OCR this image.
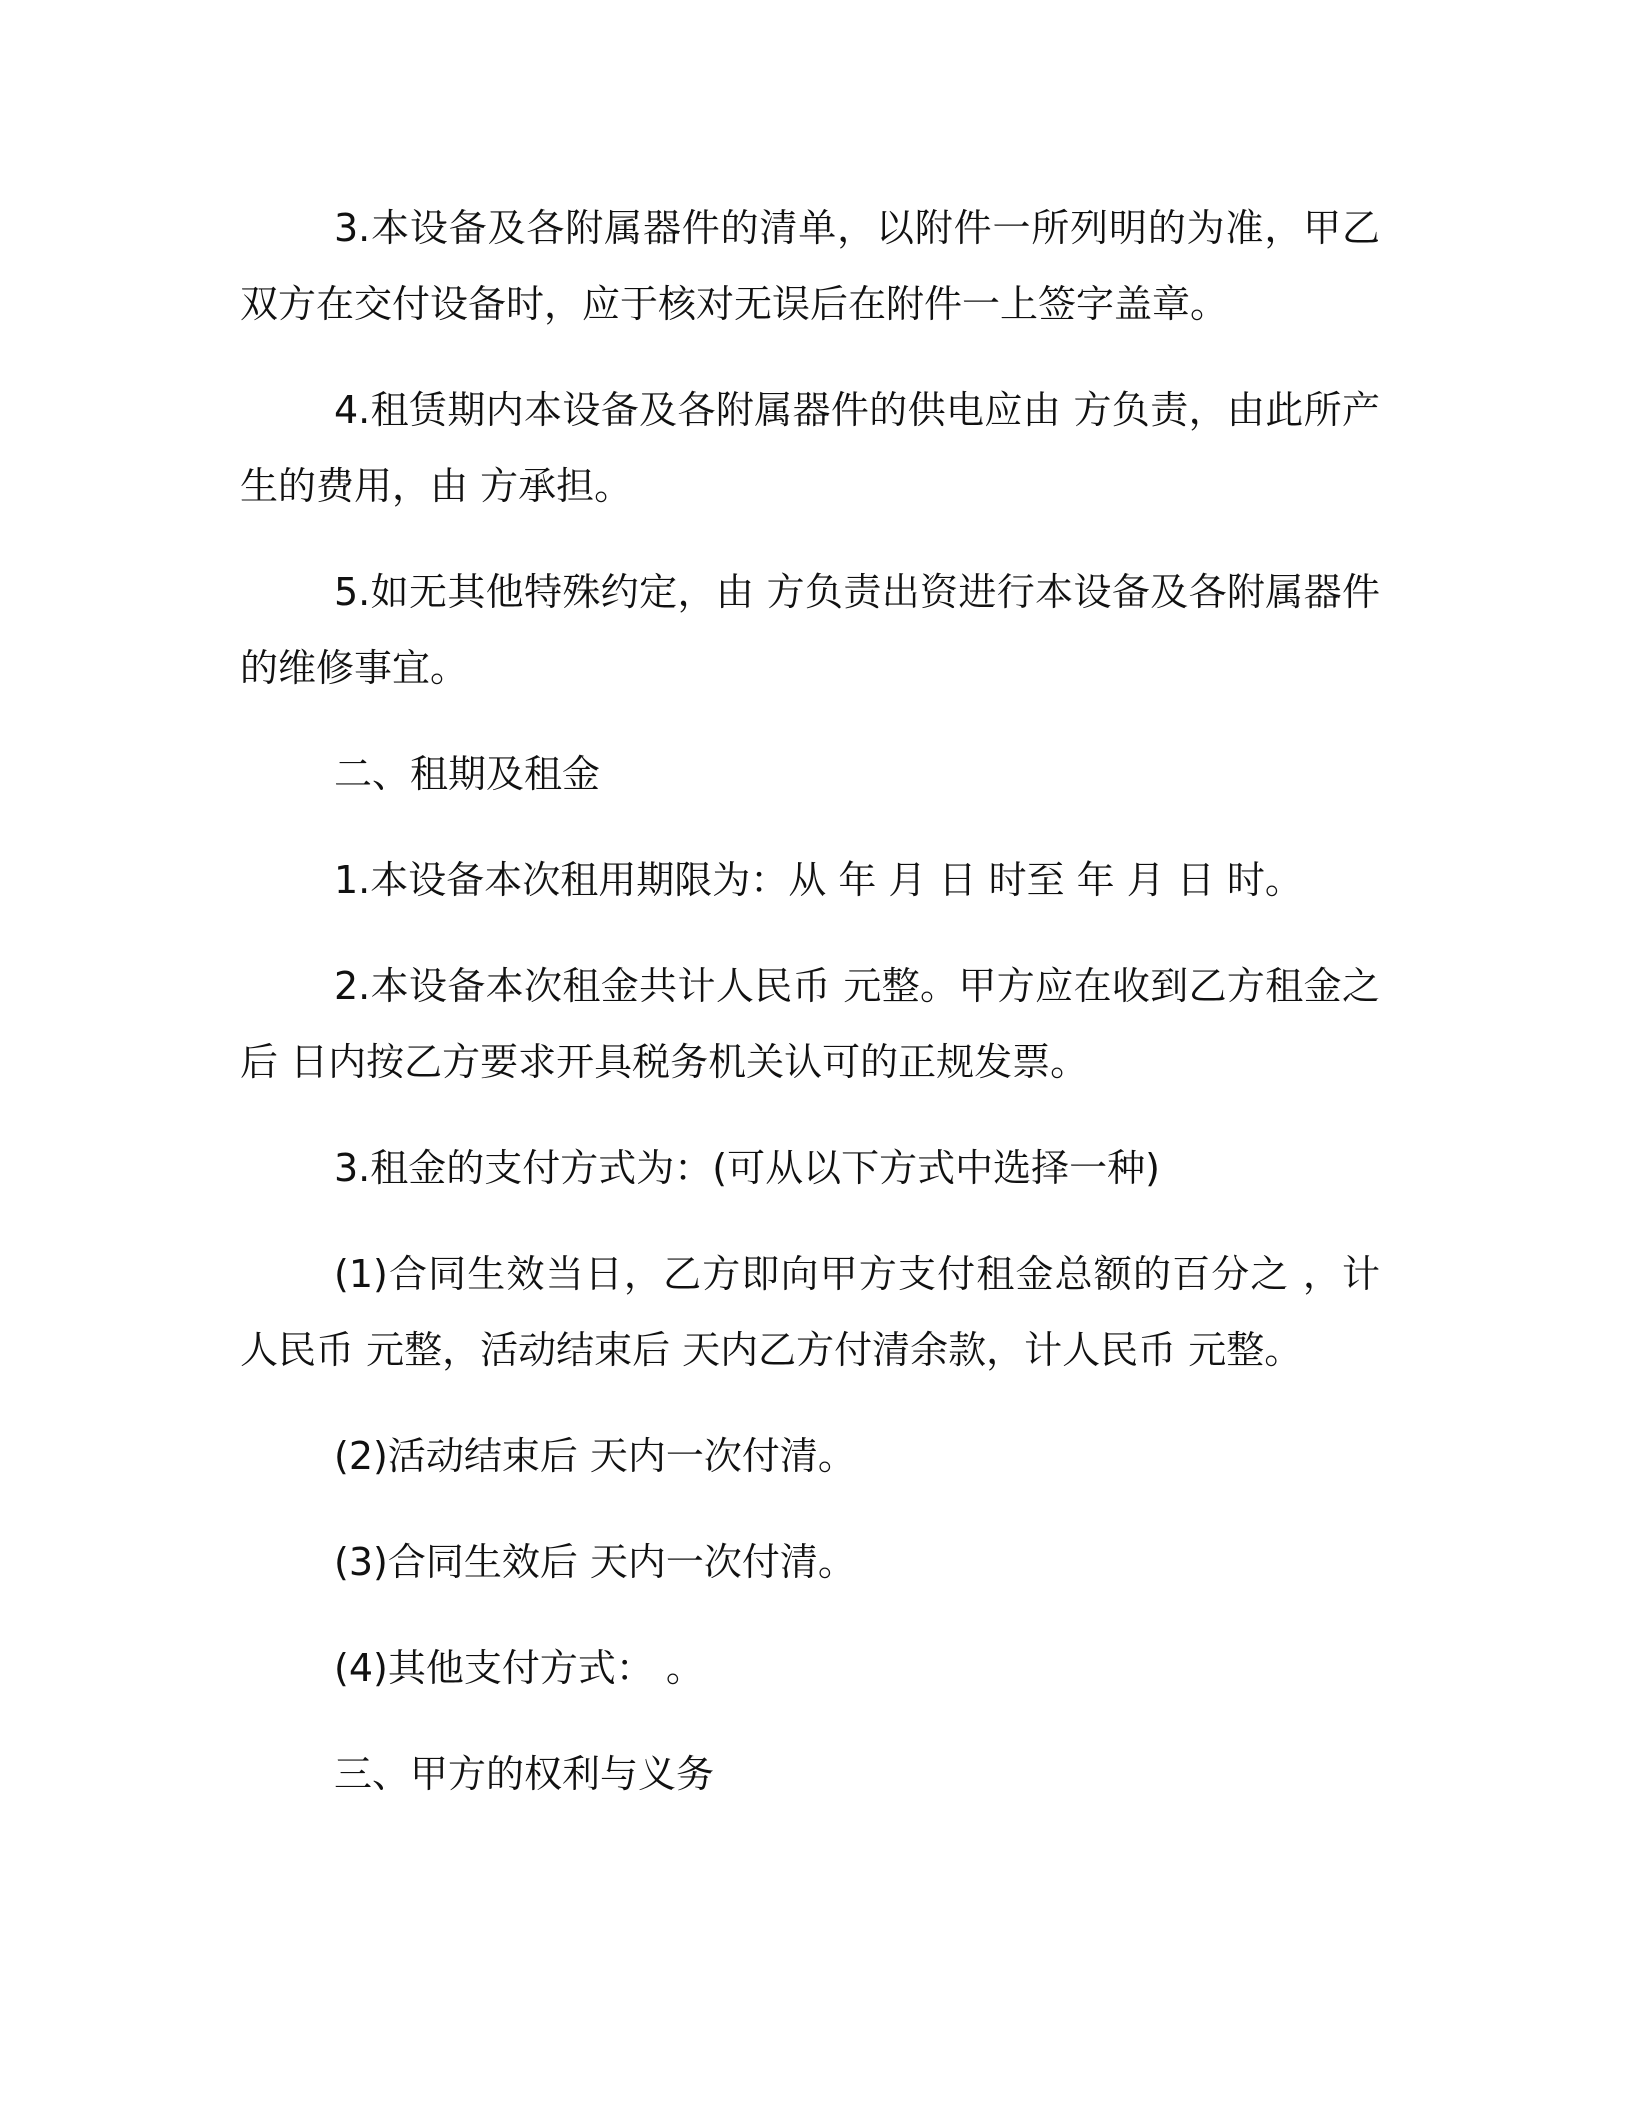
3.本设备及各附属器件的清单，以附件一所列明的为准，甲乙双方在交付设备时，应于核对无误后在附件一上签字盖章。

4.租赁期内本设备及各附属器件的供电应由 方负责，由此所产生的费用，由 方承担。

5.如无其他特殊约定，由 方负责出资进行本设备及各附属器件的维修事宜。

二、租期及租金

1.本设备本次租用期限为：从 年 月 日 时至 年 月 日 时。

2.本设备本次租金共计人民币 元整。甲方应在收到乙方租金之后 日内按乙方要求开具税务机关认可的正规发票。

3.租金的支付方式为：(可从以下方式中选择一种)

(1)合同生效当日，乙方即向甲方支付租金总额的百分之 ，计人民币 元整，活动结束后 天内乙方付清余款，计人民币 元整。

(2)活动结束后 天内一次付清。

(3)合同生效后 天内一次付清。

(4)其他支付方式： 。

三、甲方的权利与义务
